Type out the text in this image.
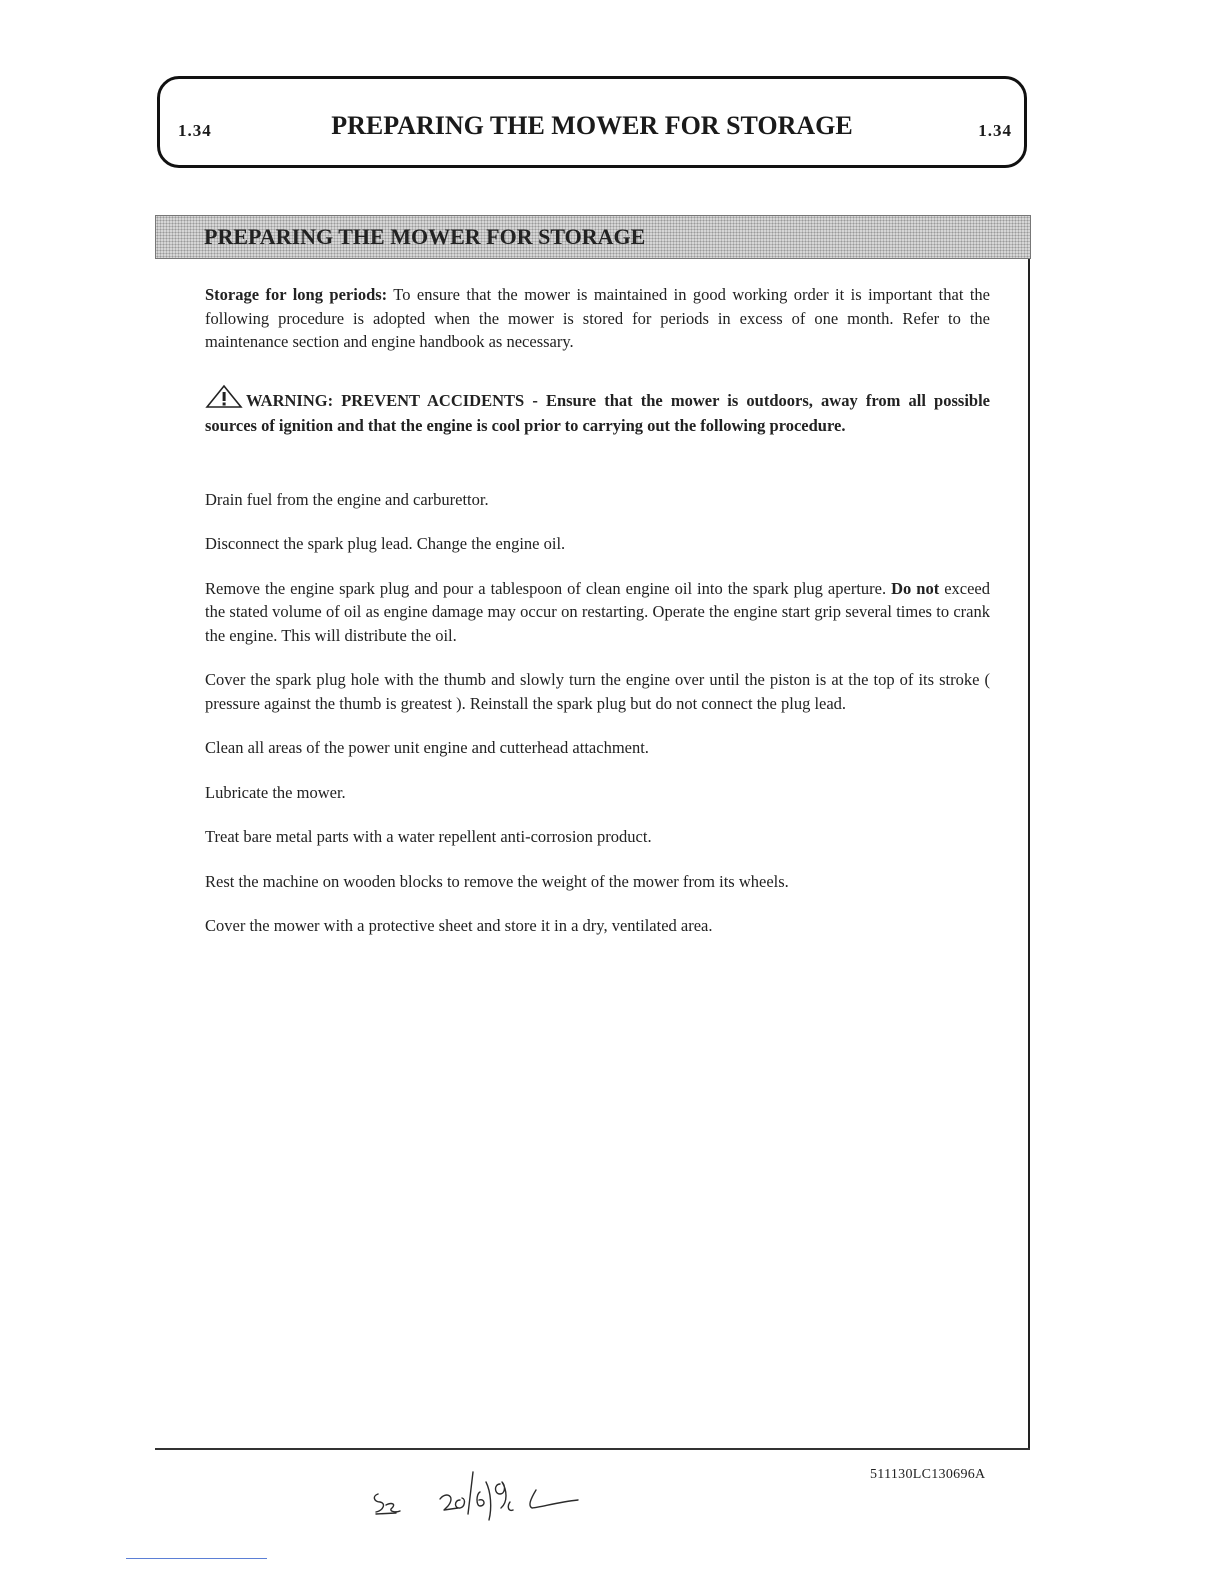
1.34	PREPARING THE MOWER FOR STORAGE	1.34
PREPARING THE MOWER FOR STORAGE

Storage for long periods: To ensure that the mower is maintained in good working order it is important that the following procedure is adopted when the mower is stored for periods in excess of one month. Refer to the maintenance section and engine handbook as necessary.

WARNING: PREVENT ACCIDENTS - Ensure that the mower is outdoors, away from all possible sources of ignition and that the engine is cool prior to carrying out the following procedure.

Drain fuel from the engine and carburettor.

Disconnect the spark plug lead. Change the engine oil.

Remove the engine spark plug and pour a tablespoon of clean engine oil into the spark plug aperture. Do not exceed the stated volume of oil as engine damage may occur on restarting. Operate the engine start grip several times to crank the engine. This will distribute the oil.

Cover the spark plug hole with the thumb and slowly turn the engine over until the piston is at the top of its stroke ( pressure against the thumb is greatest ). Reinstall the spark plug but do not connect the plug lead.

Clean all areas of the power unit engine and cutterhead attachment.

Lubricate the mower.

Treat bare metal parts with a water repellent anti-corrosion product.

Rest the machine on wooden blocks to remove the weight of the mower from its wheels.

Cover the mower with a protective sheet and store it in a dry, ventilated area.

511130LC130696A
